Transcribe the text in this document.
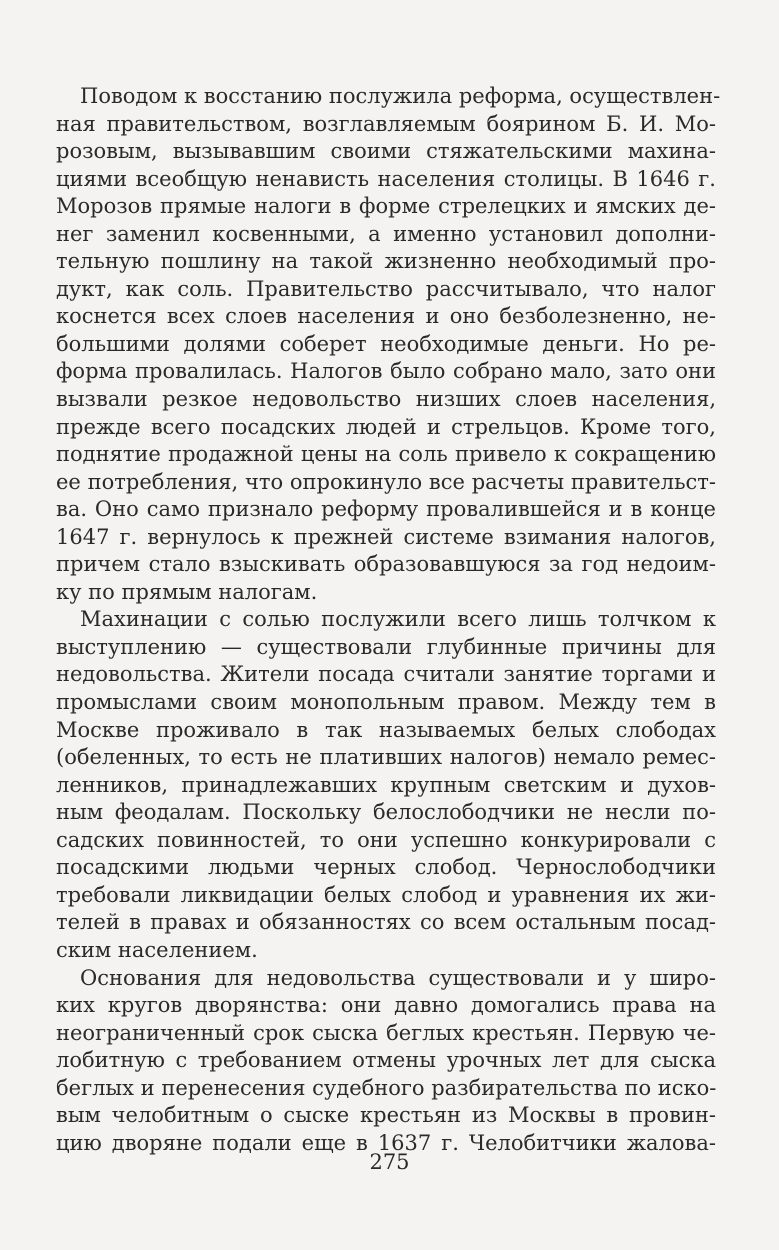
Поводом к восстанию послужила реформа, осуществлен-
ная правительством, возглавляемым боярином Б. И. Мо-
розовым, вызывавшим своими стяжательскими махина-
циями всеобщую ненависть населения столицы. В 1646 г.
Морозов прямые налоги в форме стрелецких и ямских де-
нег заменил косвенными, а именно установил дополни-
тельную пошлину на такой жизненно необходимый про-
дукт, как соль. Правительство рассчитывало, что налог
коснется всех слоев населения и оно безболезненно, не-
большими долями соберет необходимые деньги. Но ре-
форма провалилась. Налогов было собрано мало, зато они
вызвали резкое недовольство низших слоев населения,
прежде всего посадских людей и стрельцов. Кроме того,
поднятие продажной цены на соль привело к сокращению
ее потребления, что опрокинуло все расчеты правительст-
ва. Оно само признало реформу провалившейся и в конце
1647 г. вернулось к прежней системе взимания налогов,
причем стало взыскивать образовавшуюся за год недоим-
ку по прямым налогам.
Махинации с солью послужили всего лишь толчком к
выступлению — существовали глубинные причины для
недовольства. Жители посада считали занятие торгами и
промыслами своим монопольным правом. Между тем в
Москве проживало в так называемых белых слободах
(обеленных, то есть не плативших налогов) немало ремес-
ленников, принадлежавших крупным светским и духов-
ным феодалам. Поскольку белослободчики не несли по-
садских повинностей, то они успешно конкурировали с
посадскими людьми черных слобод. Чернослободчики
требовали ликвидации белых слобод и уравнения их жи-
телей в правах и обязанностях со всем остальным посад-
ским населением.
Основания для недовольства существовали и у широ-
ких кругов дворянства: они давно домогались права на
неограниченный срок сыска беглых крестьян. Первую че-
лобитную с требованием отмены урочных лет для сыска
беглых и перенесения судебного разбирательства по иско-
вым челобитным о сыске крестьян из Москвы в провин-
цию дворяне подали еще в 1637 г. Челобитчики жалова-
275
